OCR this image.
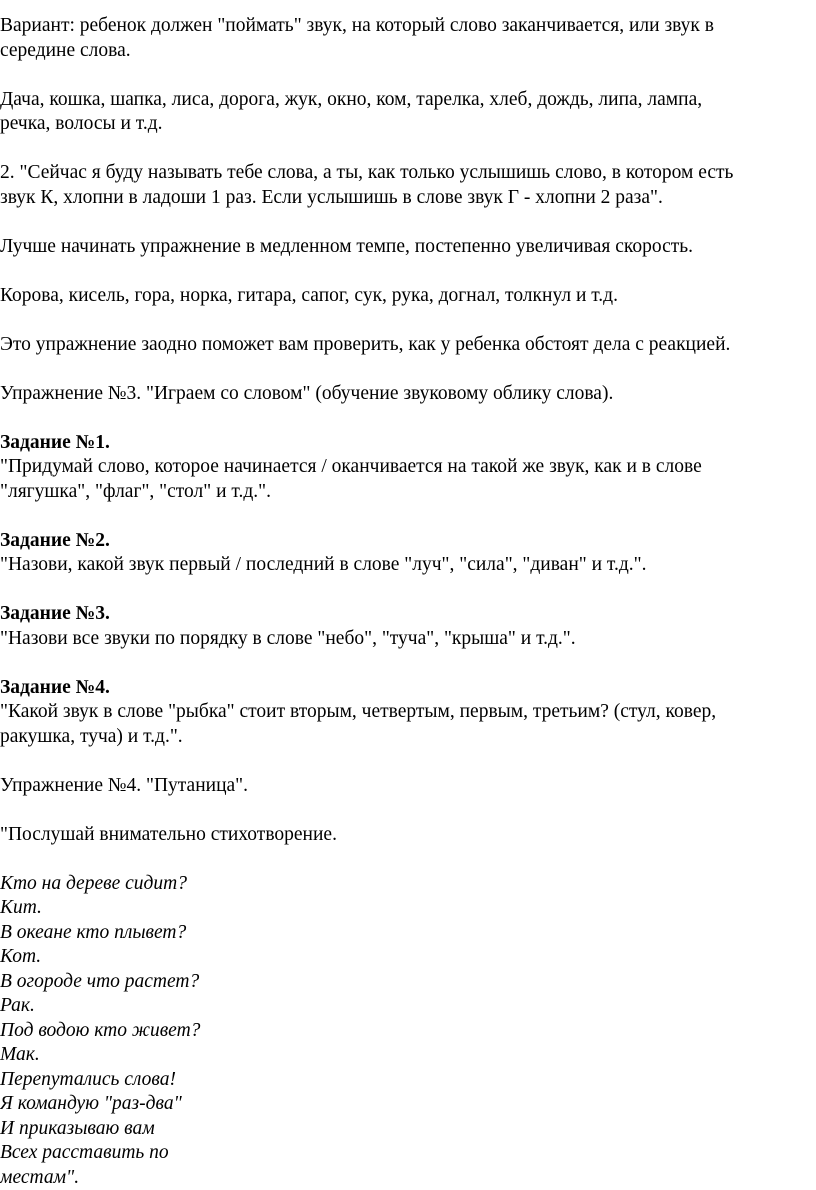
Вариант: ребенок должен "поймать" звук, на который слово заканчивается, или звук в
середине слова.

Дача, кошка, шапка, лиса, дорога, жук, окно, ком, тарелка, хлеб, дождь, липа, лампа,
речка, волосы и т.д.

2. "Сейчас я буду называть тебе слова, а ты, как только услышишь слово, в котором есть
звук К, хлопни в ладоши 1 раз. Если услышишь в слове звук Г - хлопни 2 раза".

Лучше начинать упражнение в медленном темпе, постепенно увеличивая скорость.

Корова, кисель, гора, норка, гитара, сапог, сук, рука, догнал, толкнул и т.д.

Это упражнение заодно поможет вам проверить, как у ребенка обстоят дела с реакцией.

Упражнение №3. "Играем со словом" (обучение звуковому облику слова).

Задание №1.
"Придумай слово, которое начинается / оканчивается на такой же звук, как и в слове
"лягушка", "флаг", "стол" и т.д.".

Задание №2.
"Назови, какой звук первый / последний в слове "луч", "сила", "диван" и т.д.".

Задание №3.
"Назови все звуки по порядку в слове "небо", "туча", "крыша" и т.д.".

Задание №4.
"Какой звук в слове "рыбка" стоит вторым, четвертым, первым, третьим? (стул, ковер,
ракушка, туча) и т.д.".

Упражнение №4. "Путаница".

"Послушай внимательно стихотворение.

Кто на дереве сидит?
Кит.
В океане кто плывет?
Кот.
В огороде что растет?
Рак.
Под водою кто живет?
Мак.
Перепутались слова!
Я командую "раз-два"
И приказываю вам
Всех расставить по
местам".
